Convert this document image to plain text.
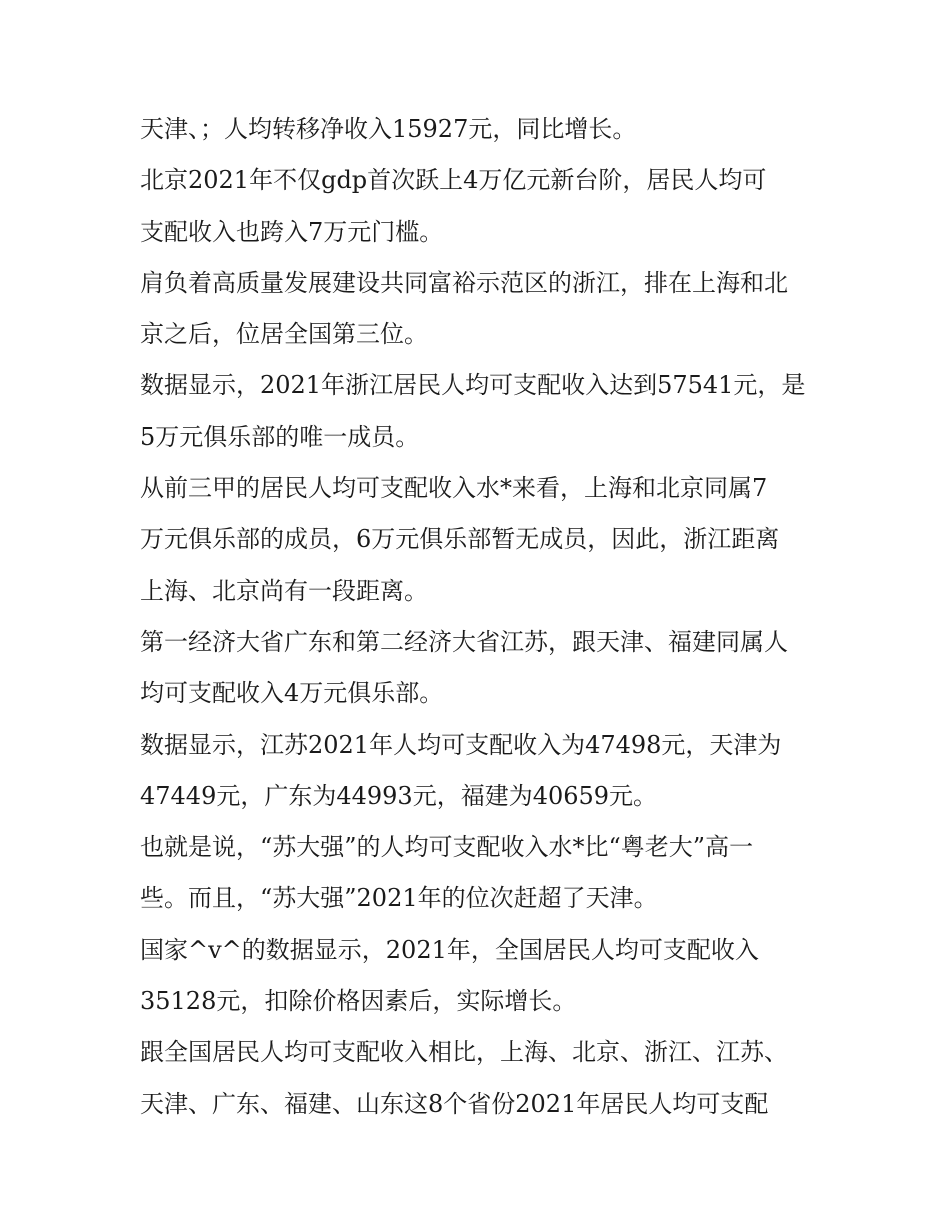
天津、；人均转移净收入15927元，同比增长。
北京2021年不仅gdp首次跃上4万亿元新台阶，居民人均可
支配收入也跨入7万元门槛。
肩负着高质量发展建设共同富裕示范区的浙江，排在上海和北
京之后，位居全国第三位。
数据显示，2021年浙江居民人均可支配收入达到57541元，是
5万元俱乐部的唯一成员。
从前三甲的居民人均可支配收入水*来看，上海和北京同属7
万元俱乐部的成员，6万元俱乐部暂无成员，因此，浙江距离
上海、北京尚有一段距离。
第一经济大省广东和第二经济大省江苏，跟天津、福建同属人
均可支配收入4万元俱乐部。
数据显示，江苏2021年人均可支配收入为47498元，天津为
47449元，广东为44993元，福建为40659元。
也就是说，“苏大强”的人均可支配收入水*比“粤老大”高一
些。而且，“苏大强”2021年的位次赶超了天津。
国家^v^的数据显示，2021年，全国居民人均可支配收入
35128元，扣除价格因素后，实际增长。
跟全国居民人均可支配收入相比，上海、北京、浙江、江苏、
天津、广东、福建、山东这8个省份2021年居民人均可支配
